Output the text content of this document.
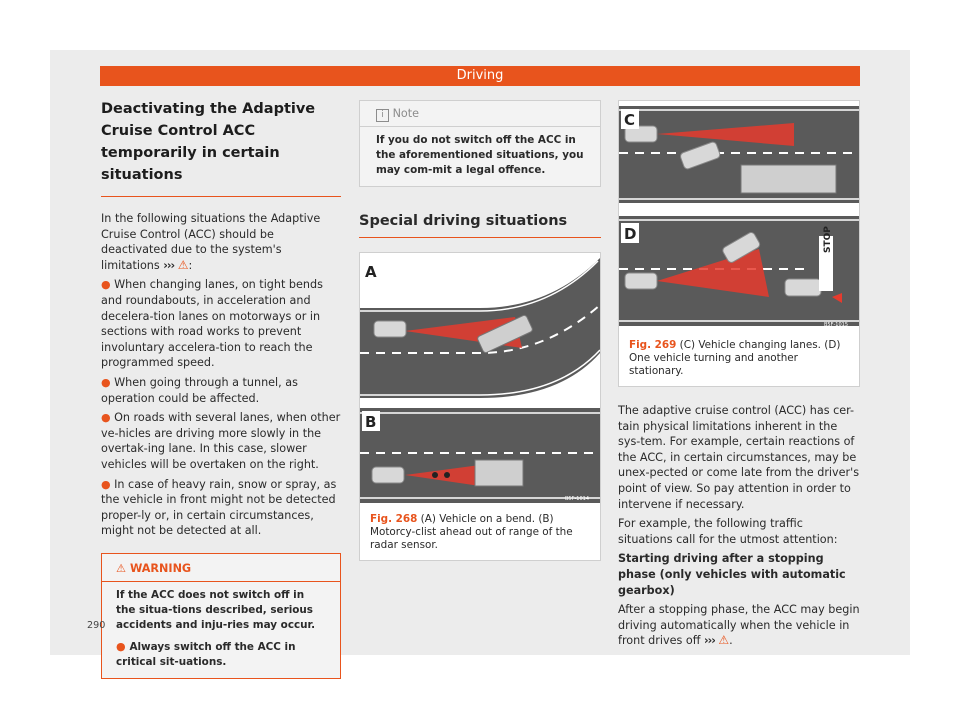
Driving
Deactivating the Adaptive Cruise Control ACC temporarily in certain situations

In the following situations the Adaptive Cruise Control (ACC) should be deactivated due to the system's limitations ››› ⚠:

● When changing lanes, on tight bends and roundabouts, in acceleration and decelera-tion lanes on motorways or in sections with road works to prevent involuntary accelera-tion to reach the programmed speed.

● When going through a tunnel, as operation could be affected.

● On roads with several lanes, when other ve-hicles are driving more slowly in the overtak-ing lane. In this case, slower vehicles will be overtaken on the right.

● In case of heavy rain, snow or spray, as the vehicle in front might not be detected proper-ly or, in certain circumstances, might not be detected at all.

⚠ WARNING
If the ACC does not switch off in the situa-tions described, serious accidents and inju-ries may occur.
● Always switch off the ACC in critical sit-uations.
i Note
If you do not switch off the ACC in the aforementioned situations, you may com-mit a legal offence.
Special driving situations
A
B
B5F-1014
Fig. 268 (A) Vehicle on a bend. (B) Motorcy-clist ahead out of range of the radar sensor.
C
STOP
D
B5F-1015
Fig. 269 (C) Vehicle changing lanes. (D) One vehicle turning and another stationary.

The adaptive cruise control (ACC) has cer-tain physical limitations inherent in the sys-tem. For example, certain reactions of the ACC, in certain circumstances, may be unex-pected or come late from the driver's point of view. So pay attention in order to intervene if necessary.

For example, the following traffic situations call for the utmost attention:

Starting driving after a stopping phase (only vehicles with automatic gearbox)

After a stopping phase, the ACC may begin driving automatically when the vehicle in front drives off ››› ⚠.

290
